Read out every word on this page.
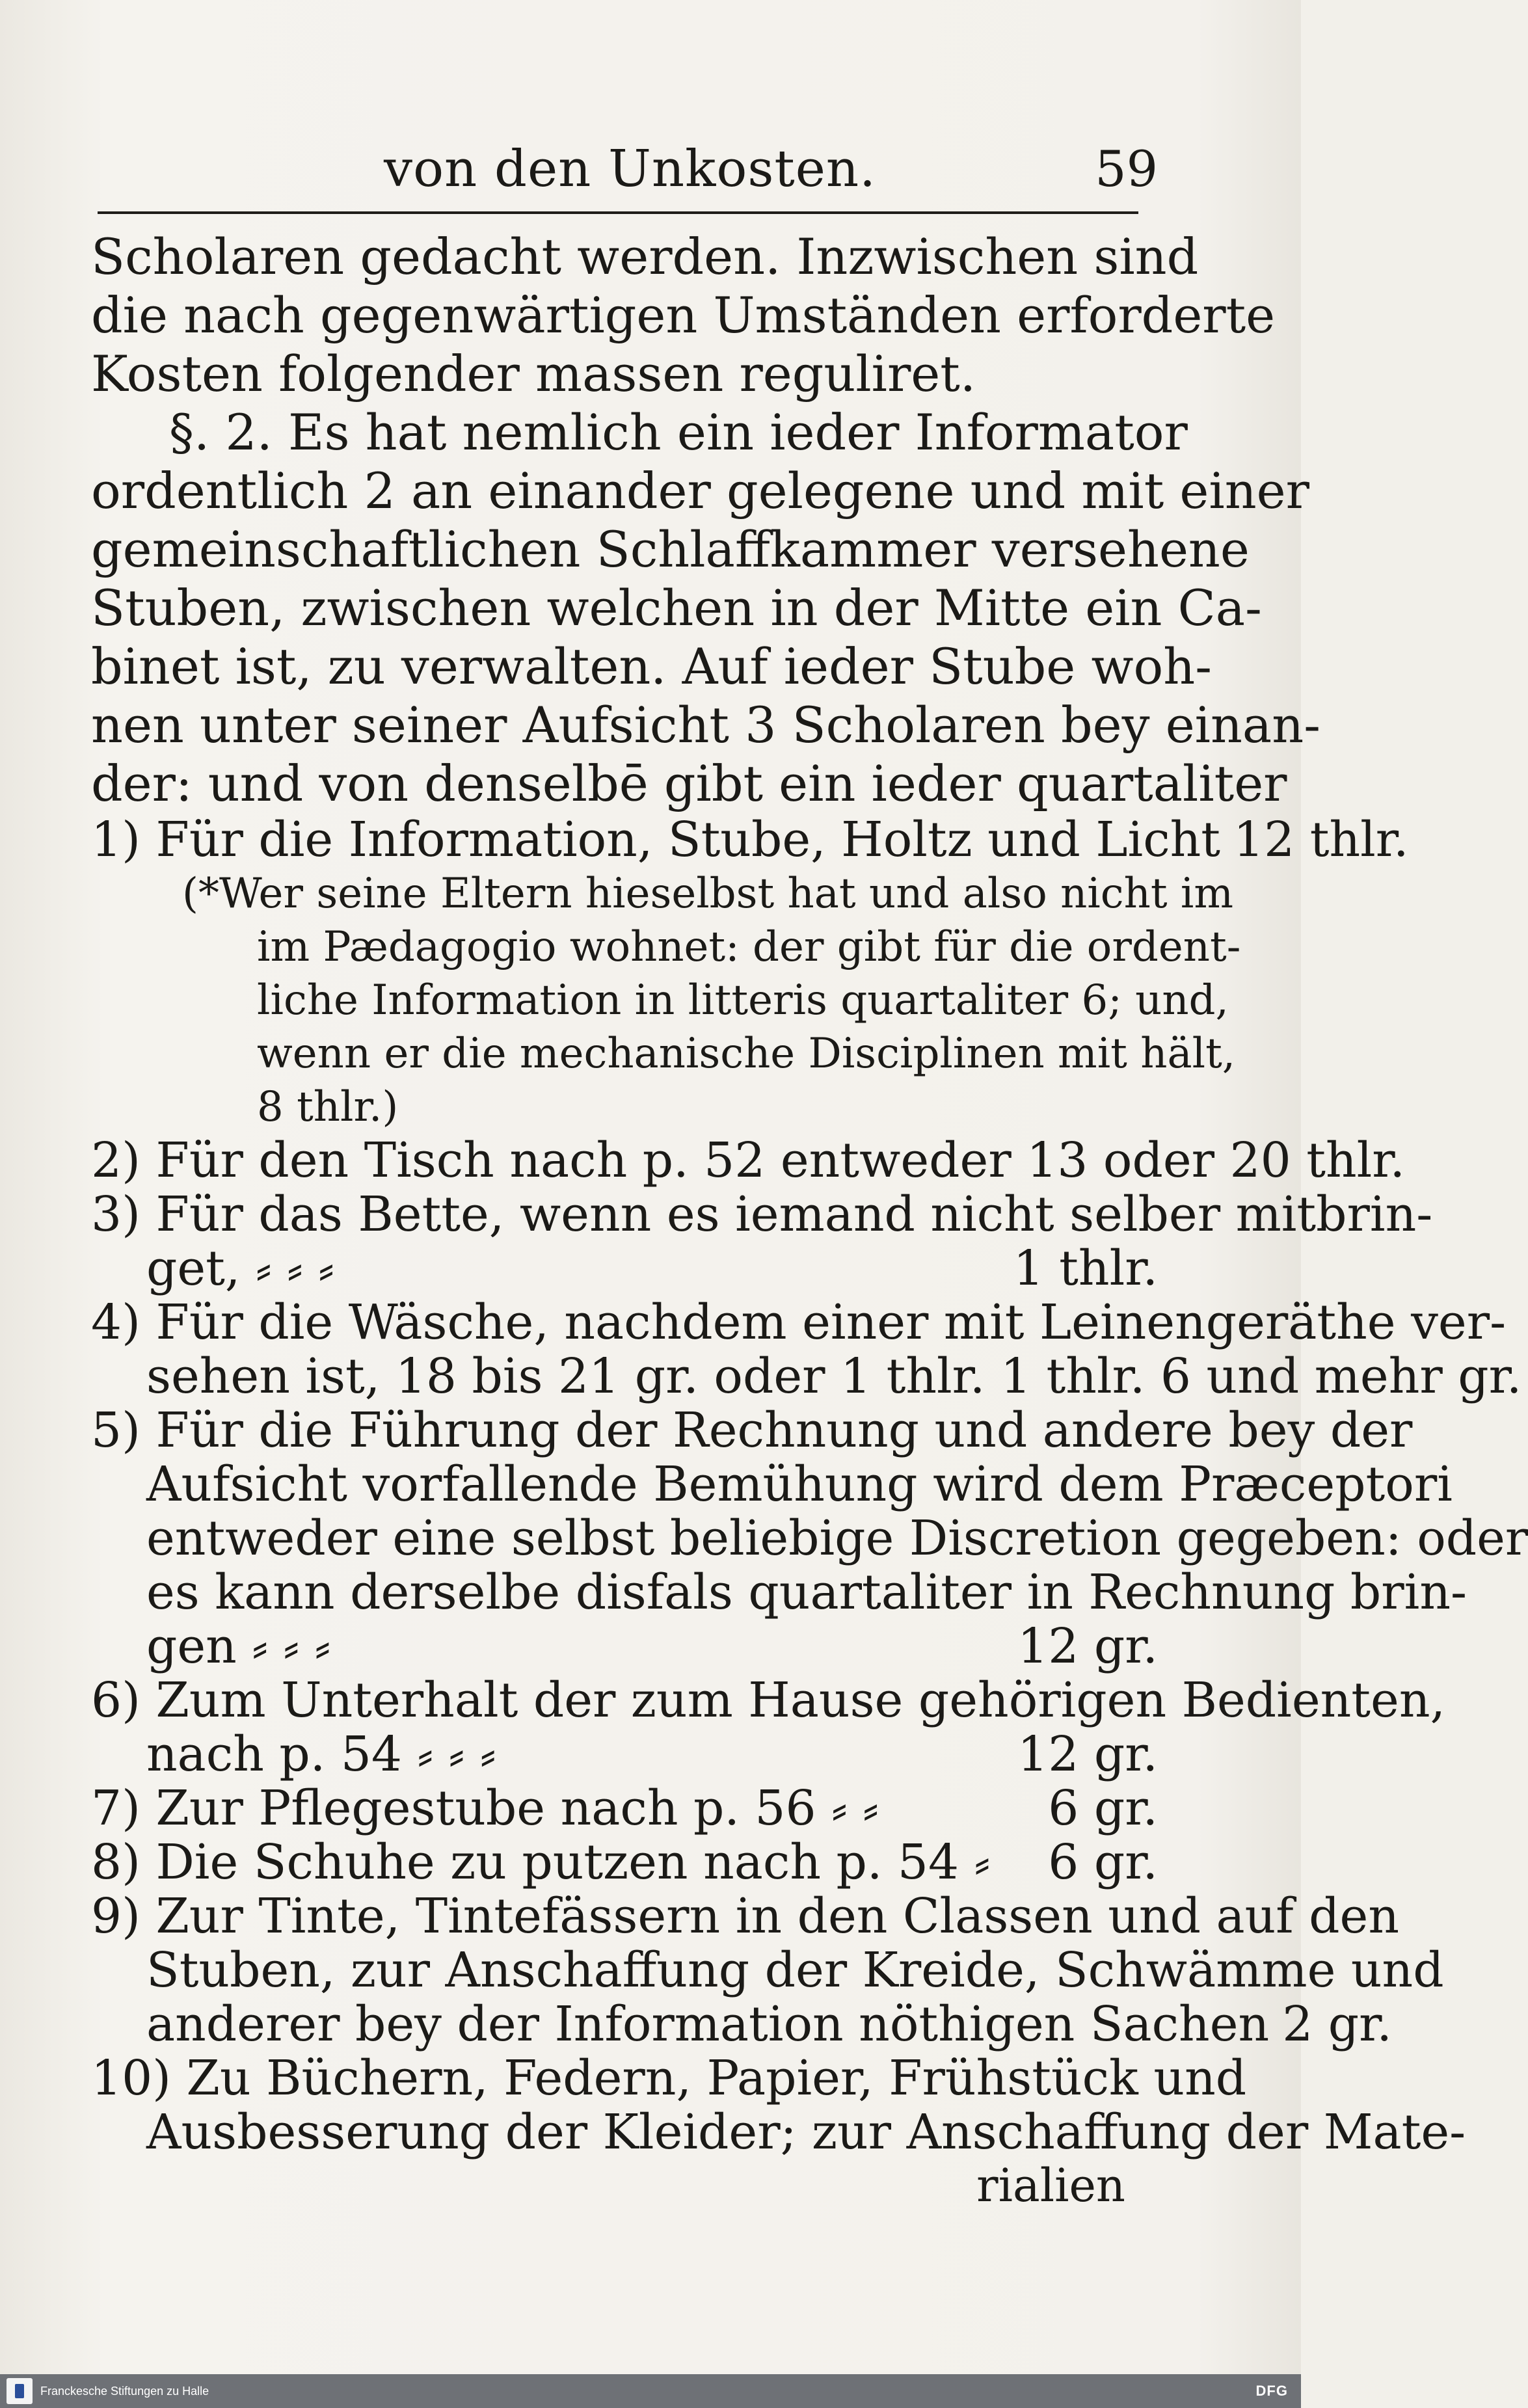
von den Unkosten.	59
Scholaren gedacht werden. Inzwischen sind
die nach gegenwärtigen Umständen erforderte
Kosten folgender massen reguliret.
§. 2. Es hat nemlich ein ieder Informator
ordentlich 2 an einander gelegene und mit einer
gemeinschaftlichen Schlaffkammer versehene
Stuben, zwischen welchen in der Mitte ein Ca-
binet ist, zu verwalten. Auf ieder Stube woh-
nen unter seiner Aufsicht 3 Scholaren bey einan-
der: und von denselbē gibt ein ieder quartaliter
1) Für die Information, Stube, Holtz und Licht 12 thlr.
(*Wer seine Eltern hieselbst hat und also nicht im
im Pædagogio wohnet: der gibt für die ordent-
liche Information in litteris quartaliter 6; und,
wenn er die mechanische Disciplinen mit hält,
8 thlr.)
2) Für den Tisch nach p. 52 entweder 13 oder 20 thlr.
3) Für das Bette, wenn es iemand nicht selber mitbrin-
get, ⸗ ⸗ ⸗	1 thlr.
4) Für die Wäsche, nachdem einer mit Leinengeräthe ver-
sehen ist, 18 bis 21 gr. oder 1 thlr. 1 thlr. 6 und mehr gr.
5) Für die Führung der Rechnung und andere bey der
Aufsicht vorfallende Bemühung wird dem Præceptori
entweder eine selbst beliebige Discretion gegeben: oder
es kann derselbe disfals quartaliter in Rechnung brin-
gen ⸗ ⸗ ⸗	12 gr.
6) Zum Unterhalt der zum Hause gehörigen Bedienten,
nach p. 54 ⸗ ⸗ ⸗	12 gr.
7) Zur Pflegestube nach p. 56 ⸗ ⸗	6 gr.
8) Die Schuhe zu putzen nach p. 54 ⸗	6 gr.
9) Zur Tinte, Tintefässern in den Classen und auf den
Stuben, zur Anschaffung der Kreide, Schwämme und
anderer bey der Information nöthigen Sachen 2 gr.
10) Zu Büchern, Federn, Papier, Frühstück und
Ausbesserung der Kleider; zur Anschaffung der Mate-
rialien
Franckesche Stiftungen zu Halle	DFG
